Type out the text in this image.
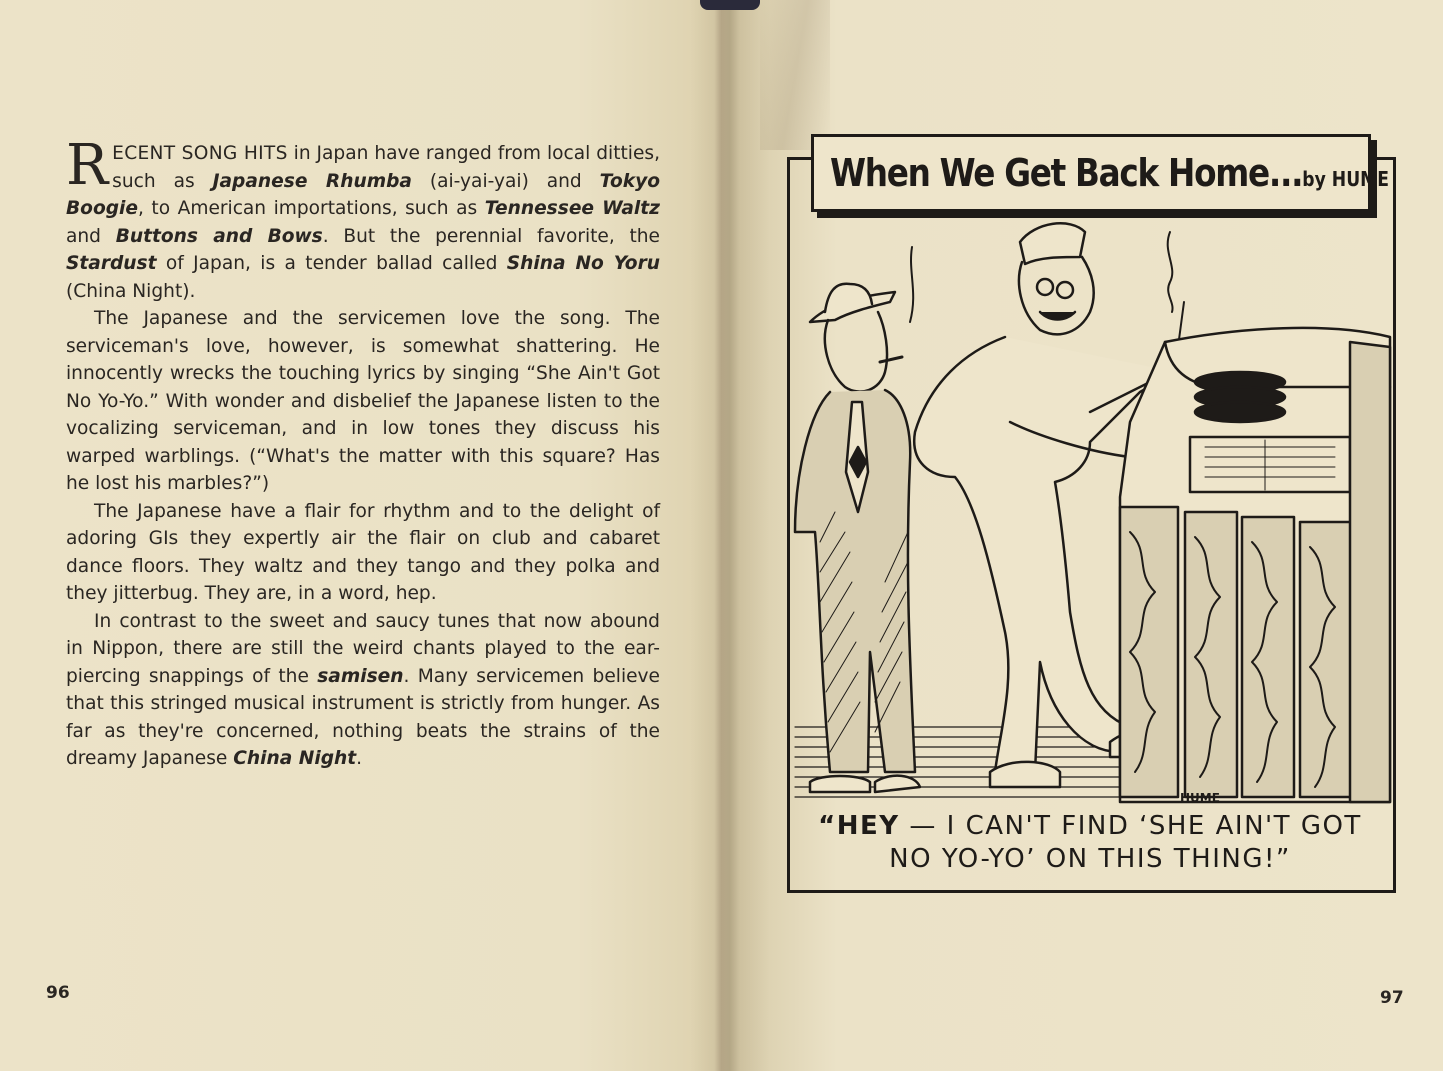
RECENT SONG HITS in Japan have ranged from local ditties, such as Japanese Rhumba (ai-yai-yai) and Tokyo Boogie, to American importations, such as Tennessee Waltz and Buttons and Bows. But the perennial favorite, the Stardust of Japan, is a tender ballad called Shina No Yoru (China Night).

The Japanese and the servicemen love the song. The serviceman's love, however, is somewhat shattering. He innocently wrecks the touching lyrics by singing “She Ain't Got No Yo-Yo.” With wonder and disbelief the Japanese listen to the vocalizing serviceman, and in low tones they discuss his warped warblings. (“What's the matter with this square? Has he lost his marbles?”)

The Japanese have a flair for rhythm and to the delight of adoring GIs they expertly air the flair on club and cabaret dance floors. They waltz and they tango and they polka and they jitterbug. They are, in a word, hep.

In contrast to the sweet and saucy tunes that now abound in Nippon, there are still the weird chants played to the ear-piercing snappings of the samisen. Many servicemen believe that this stringed musical instrument is strictly from hunger. As far as they're concerned, nothing beats the strains of the dreamy Japanese China Night.

96
HUME
When We Get Back Home...by HUME
“HEY — I CAN'T FIND ‘SHE AIN'T GOT NO YO-YO’ ON THIS THING!”
97
